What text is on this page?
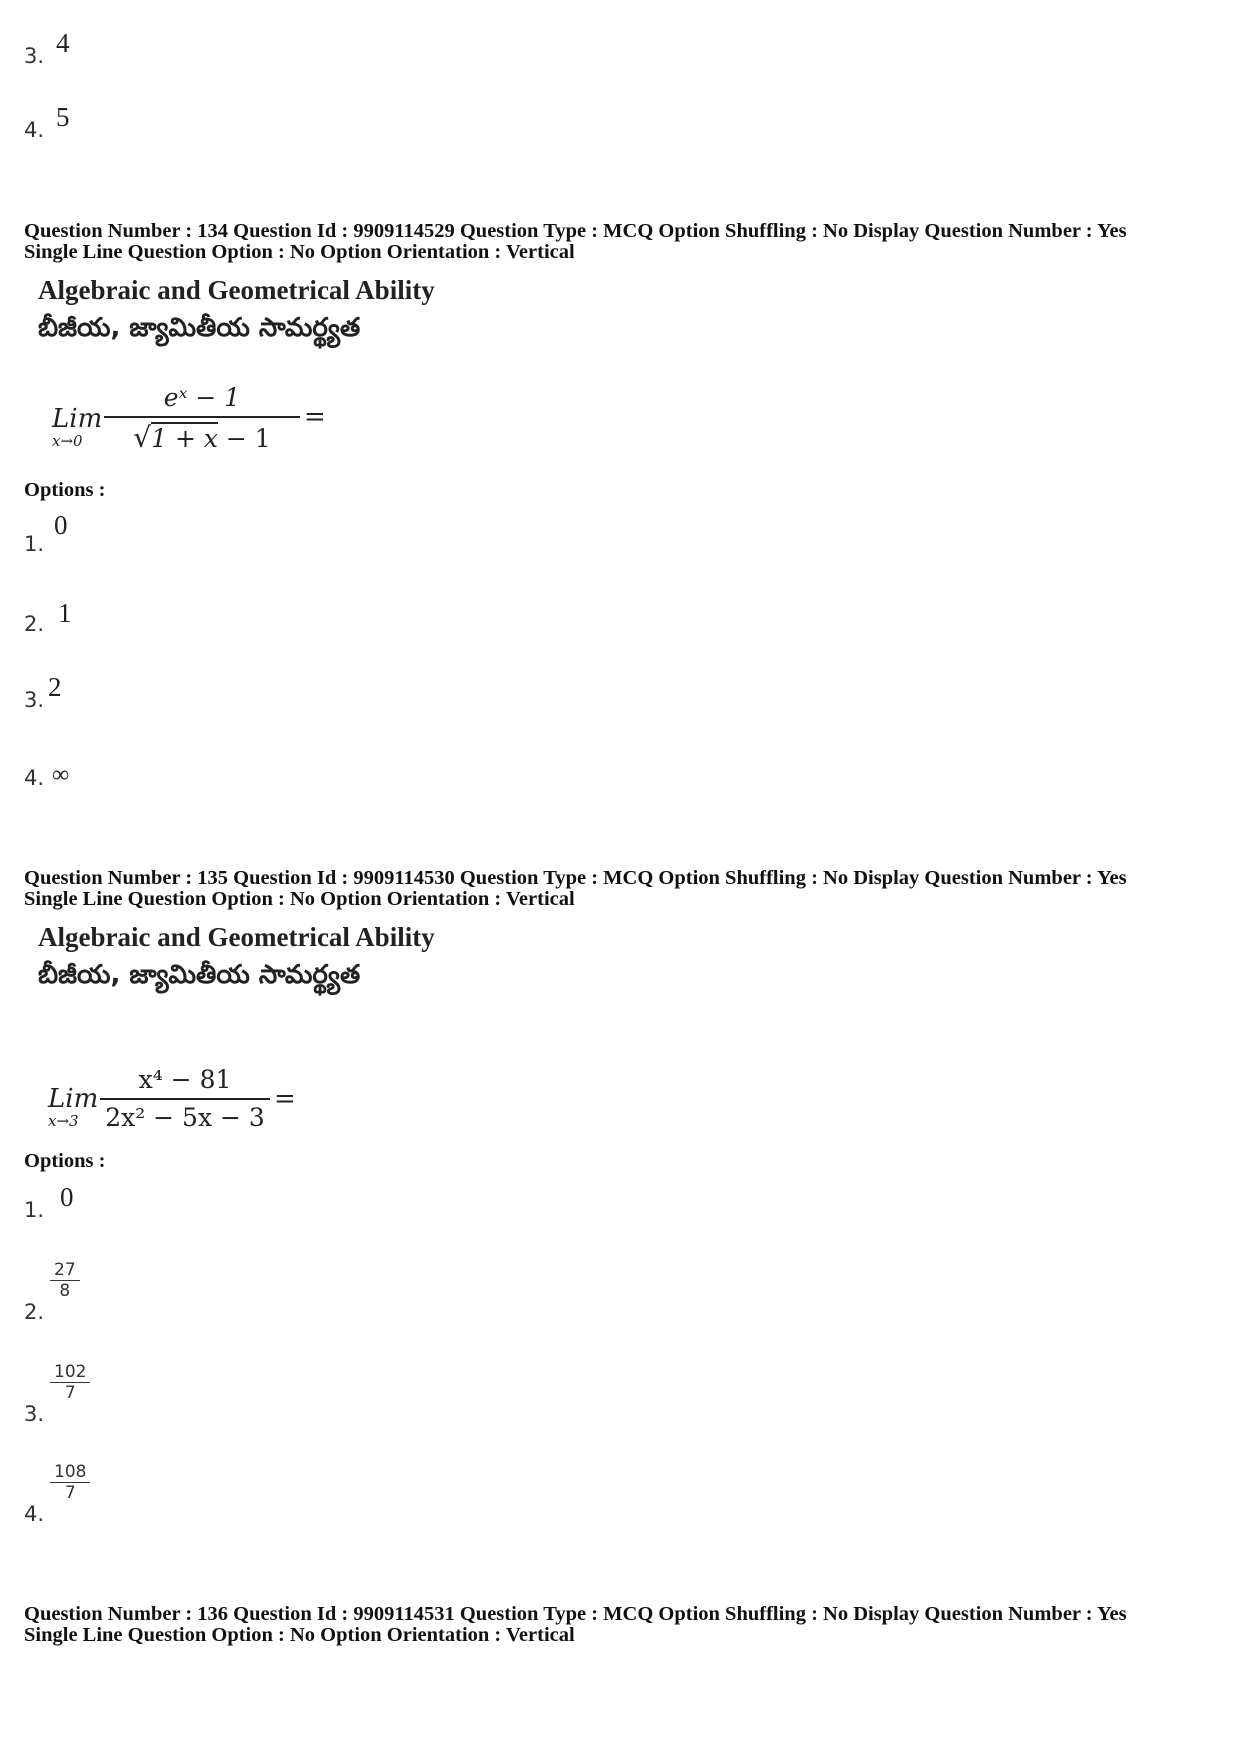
3. 4
4. 5
Question Number : 134 Question Id : 9909114529 Question Type : MCQ Option Shuffling : No Display Question Number : Yes
Single Line Question Option : No Option Orientation : Vertical
Algebraic and Geometrical Ability
బీజీయ, జ్యామితీయ సామర్థ్యత
Lim
$x\to 0 \frac{\text{eˣ − 1}}{√1 + x - 1}$ =
Options :
1.
0
2. 1
3. 2
4. ∞
Question Number : 135 Question Id : 9909114530 Question Type : MCQ Option Shuffling : No Display Question Number : Yes
Single Line Question Option : No Option Orientation : Vertical
Algebraic and Geometrical Ability
బీజీయ, జ్యామితీయ సామర్థ్యత
Lim
$x\to 3 \frac{\text{x⁴ − 81}}{\text{2x² − 5x − 3}}$ =
Options :
1. 0
2.
$\frac{27}{8}$
3.
$\frac{102}{7}$
4.
$\frac{108}{7}$
Question Number : 136 Question Id : 9909114531 Question Type : MCQ Option Shuffling : No Display Question Number : Yes
Single Line Question Option : No Option Orientation : Vertical
